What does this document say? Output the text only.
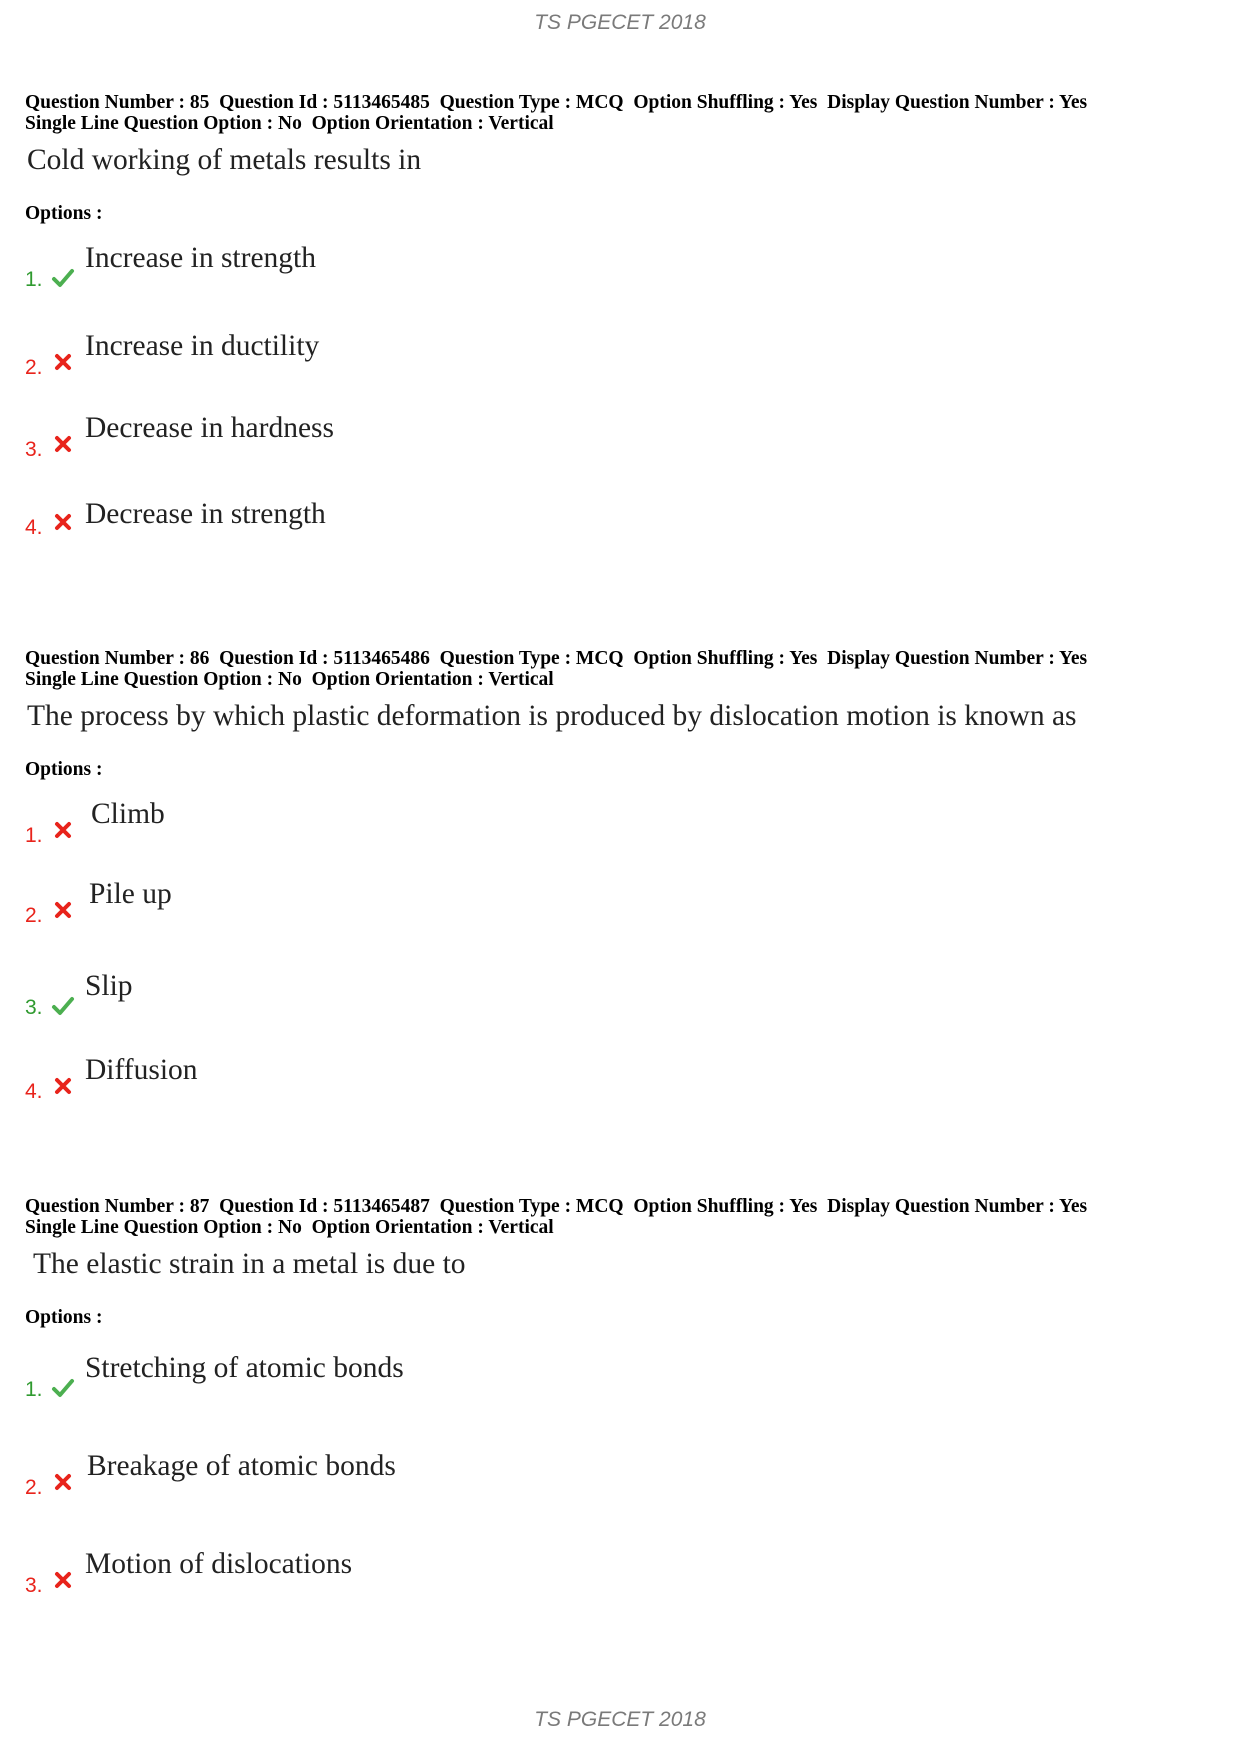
TS PGECET 2018
Question Number : 85  Question Id : 5113465485  Question Type : MCQ  Option Shuffling : Yes  Display Question Number : Yes
Single Line Question Option : No  Option Orientation : Vertical
Cold working of metals results in
Options :
1.
Increase in strength
2.
Increase in ductility
3.
Decrease in hardness
4. Decrease in strength
Question Number : 86  Question Id : 5113465486  Question Type : MCQ  Option Shuffling : Yes  Display Question Number : Yes
Single Line Question Option : No  Option Orientation : Vertical
The process by which plastic deformation is produced by dislocation motion is known as
Options :
1.
Climb
2.
Pile up
3.
Slip
4.
Diffusion
Question Number : 87  Question Id : 5113465487  Question Type : MCQ  Option Shuffling : Yes  Display Question Number : Yes
Single Line Question Option : No  Option Orientation : Vertical
The elastic strain in a metal is due to
Options :
1.
Stretching of atomic bonds
2.
Breakage of atomic bonds
3.
Motion of dislocations
TS PGECET 2018
